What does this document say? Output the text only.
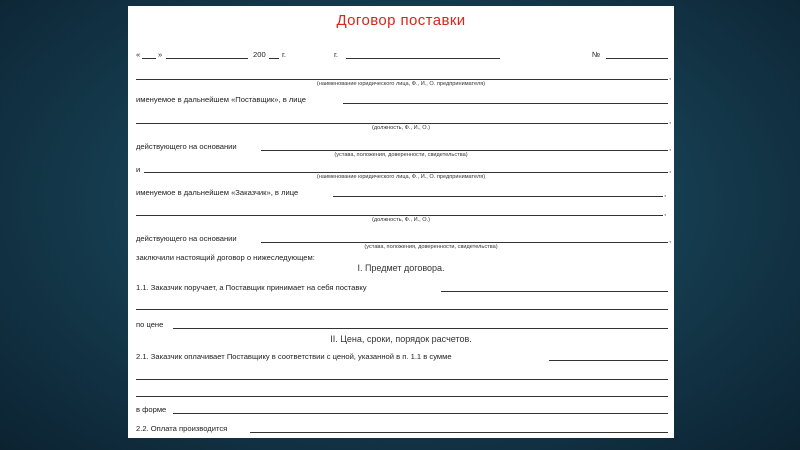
Договор поставки
« »	200 г.	г.	№
,
(наименование юридического лица, Ф., И., О. предпринимателя)
именуемое в дальнейшем «Поставщик», в лице
,
(должность, Ф., И., О.)
действующего на основании	,
(устава, положения, доверенности, свидетельства)
и	,
(наименование юридического лица, Ф., И., О. предпринимателя)
именуемое в дальнейшем «Заказчик», в лице	,
,
(должность, Ф., И., О.)
действующего на основании	,
(устава, положения, доверенности, свидетельства)
заключили настоящий договор о нижеследующем:
I. Предмет договора.
1.1. Заказчик поручает, а Поставщик принимает на себя поставку
по цене
II. Цена, сроки, порядок расчетов.
2.1. Заказчик оплачивает Поставщику в соответствии с ценой, указанной в п. 1.1 в сумме
в форме
2.2. Оплата производится
